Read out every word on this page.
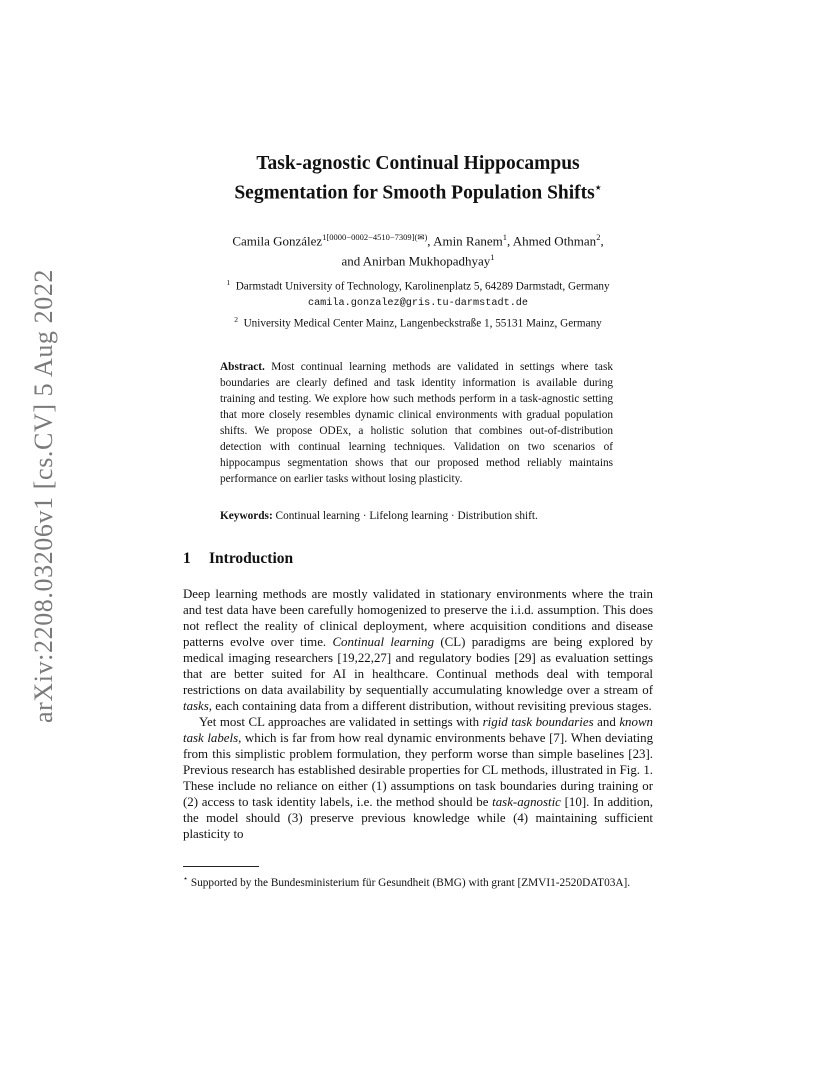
arXiv:2208.03206v1 [cs.CV] 5 Aug 2022
Task-agnostic Continual Hippocampus
Segmentation for Smooth Population Shifts⋆
Camila González$^{1[0000-0002-4510-7309](✉)}$, Amin Ranem$^1$, Ahmed Othman$^2$,
and Anirban Mukhopadhyay$^1$
$^1$ Darmstadt University of Technology, Karolinenplatz 5, 64289 Darmstadt, Germany
camila.gonzalez@gris.tu-darmstadt.de
$^2$ University Medical Center Mainz, Langenbeckstraße 1, 55131 Mainz, Germany
Abstract. Most continual learning methods are validated in settings where task boundaries are clearly defined and task identity information is available during training and testing. We explore how such methods perform in a task-agnostic setting that more closely resembles dynamic clinical environments with gradual population shifts. We propose ODEx, a holistic solution that combines out-of-distribution detection with continual learning techniques. Validation on two scenarios of hippocampus segmentation shows that our proposed method reliably maintains performance on earlier tasks without losing plasticity.
Keywords: Continual learning · Lifelong learning · Distribution shift.
1 Introduction

Deep learning methods are mostly validated in stationary environments where the train and test data have been carefully homogenized to preserve the i.i.d. assumption. This does not reflect the reality of clinical deployment, where acquisition conditions and disease patterns evolve over time. Continual learning (CL) paradigms are being explored by medical imaging researchers [19,22,27] and regulatory bodies [29] as evaluation settings that are better suited for AI in healthcare. Continual methods deal with temporal restrictions on data availability by sequentially accumulating knowledge over a stream of tasks, each containing data from a different distribution, without revisiting previous stages.

Yet most CL approaches are validated in settings with rigid task boundaries and known task labels, which is far from how real dynamic environments behave [7]. When deviating from this simplistic problem formulation, they perform worse than simple baselines [23]. Previous research has established desirable properties for CL methods, illustrated in Fig. 1. These include no reliance on either (1) assumptions on task boundaries during training or (2) access to task identity labels, i.e. the method should be task-agnostic [10]. In addition, the model should (3) preserve previous knowledge while (4) maintaining sufficient plasticity to

⋆ Supported by the Bundesministerium für Gesundheit (BMG) with grant [ZMVI1-2520DAT03A].
